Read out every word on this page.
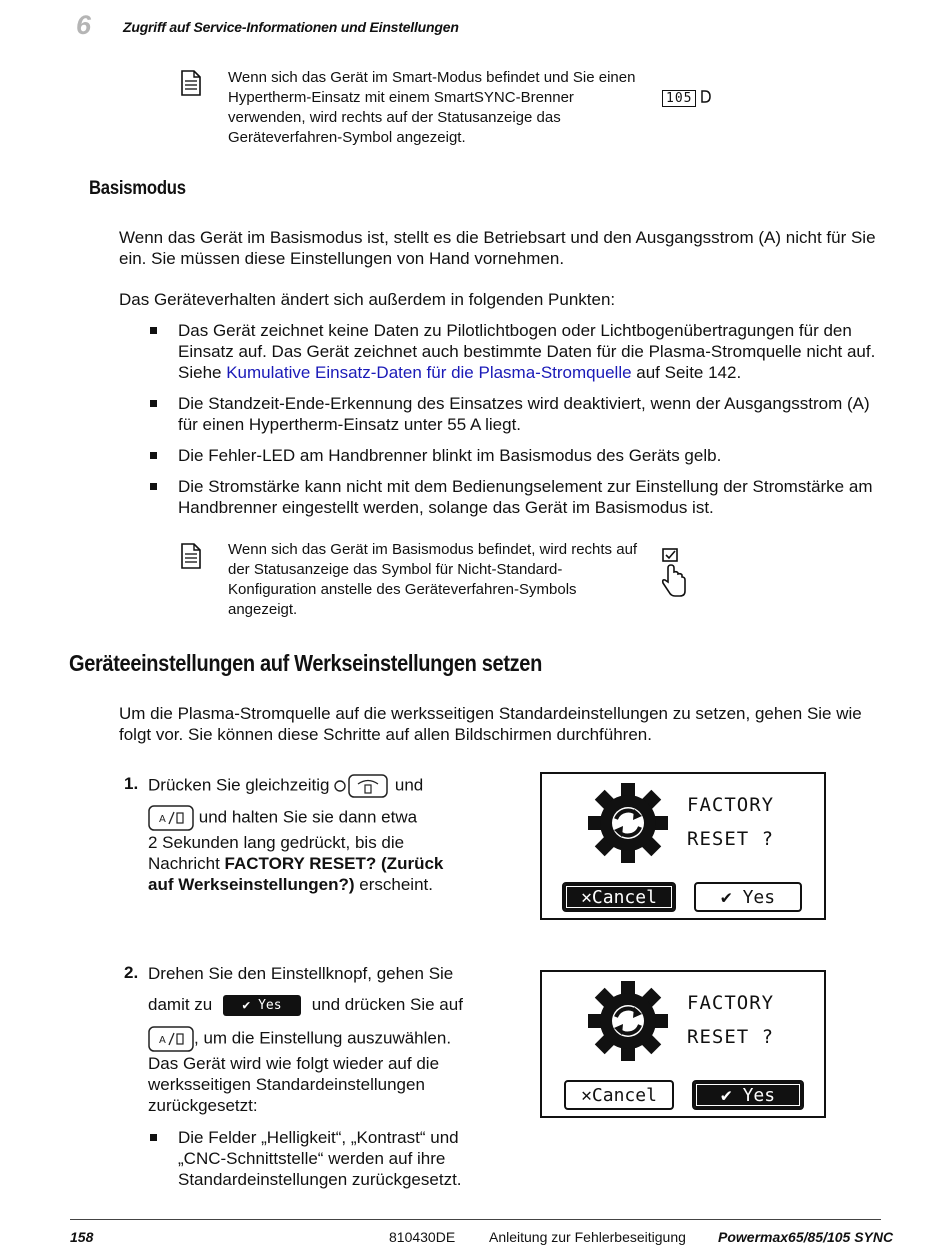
6 Zugriff auf Service-Informationen und Einstellungen
Wenn sich das Gerät im Smart-Modus befindet und Sie einen Hypertherm-Einsatz mit einem SmartSYNC-Brenner verwenden, wird rechts auf der Statusanzeige das Geräteverfahren-Symbol angezeigt.
105
Basismodus
Wenn das Gerät im Basismodus ist, stellt es die Betriebsart und den Ausgangsstrom (A) nicht für Sie ein. Sie müssen diese Einstellungen von Hand vornehmen.
Das Geräteverhalten ändert sich außerdem in folgenden Punkten:
Das Gerät zeichnet keine Daten zu Pilotlichtbogen oder Lichtbogenübertragungen für den Einsatz auf. Das Gerät zeichnet auch bestimmte Daten für die Plasma-Stromquelle nicht auf. Siehe Kumulative Einsatz-Daten für die Plasma-Stromquelle auf Seite 142.
Die Standzeit-Ende-Erkennung des Einsatzes wird deaktiviert, wenn der Ausgangsstrom (A) für einen Hypertherm-Einsatz unter 55 A liegt.
Die Fehler-LED am Handbrenner blinkt im Basismodus des Geräts gelb.
Die Stromstärke kann nicht mit dem Bedienungselement zur Einstellung der Stromstärke am Handbrenner eingestellt werden, solange das Gerät im Basismodus ist.
Wenn sich das Gerät im Basismodus befindet, wird rechts auf der Statusanzeige das Symbol für Nicht-Standard-Konfiguration anstelle des Geräteverfahren-Symbols angezeigt.
Geräteeinstellungen auf Werkseinstellungen setzen
Um die Plasma-Stromquelle auf die werksseitigen Standardeinstellungen zu setzen, gehen Sie wie folgt vor. Sie können diese Schritte auf allen Bildschirmen durchführen.
1. Drücken Sie gleichzeitig	und
A und halten Sie sie dann etwa
2 Sekunden lang gedrückt, bis die Nachricht FACTORY RESET? (Zurück auf Werkseinstellungen?) erscheint.
FACTORY
RESET ?
✕Cancel	✔ Yes
2. Drehen Sie den Einstellknopf, gehen Sie
damit zu ✔ Yes und drücken Sie auf
A , um die Einstellung auszuwählen.
Das Gerät wird wie folgt wieder auf die werksseitigen Standardeinstellungen zurückgesetzt:
Die Felder „Helligkeit“, „Kontrast“ und „CNC-Schnittstelle“ werden auf ihre Standardeinstellungen zurückgesetzt.
FACTORY
RESET ?
✕Cancel	✔ Yes
158	810430DE Anleitung zur Fehlerbeseitigung Powermax65/85/105 SYNC
